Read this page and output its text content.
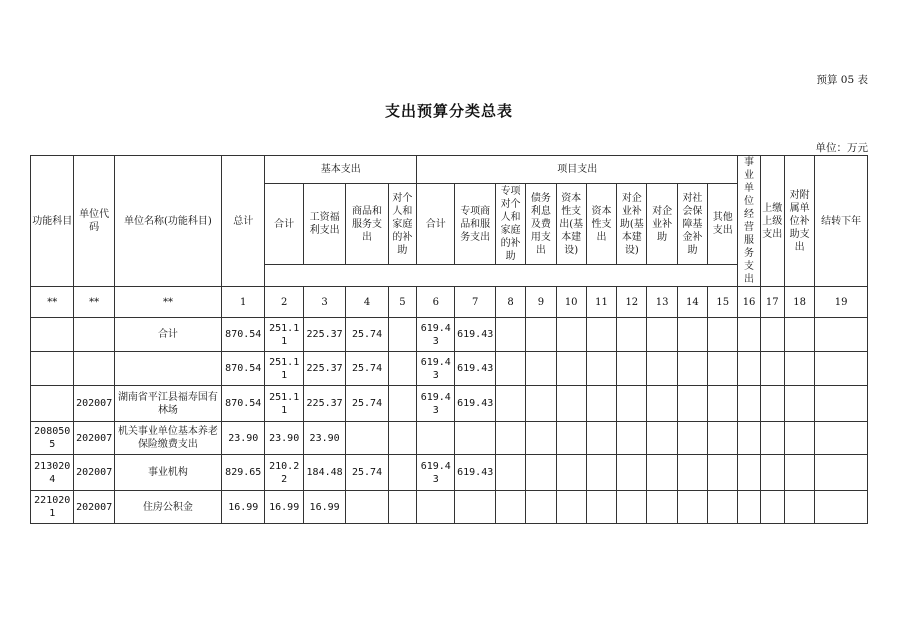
预算 05 表
支出预算分类总表
单位：万元
功能科目	单位代码	单位名称(功能科目)	总计	基本支出				项目支出										事业单位经营服务支出	上缴上级支出	对附属单位补助支出	结转下年
				合计	工资福利支出	商品和服务支出	对个人和家庭的补助	合计	专项商品和服务支出	专项对个人和家庭的补助	债务利息及费用支出	资本性支出(基本建设)	资本性支出	对企业补助(基本建设)	对企业补助	对社会保障基金补助	其他支出				

**	**	**	1	2	3	4	5	6	7	8	9	10	11	12	13	14	15	16	17	18	19
		合计	870.54	251.11	225.37	25.74		619.43	619.43												
			870.54	251.11	225.37	25.74		619.43	619.43												
	202007	湖南省平江县福寿国有林场	870.54	251.11	225.37	25.74		619.43	619.43												
2080505	202007	机关事业单位基本养老保险缴费支出	23.90	23.90	23.90																
2130204	202007	事业机构	829.65	210.22	184.48	25.74		619.43	619.43												
2210201	202007	住房公积金	16.99	16.99	16.99																
